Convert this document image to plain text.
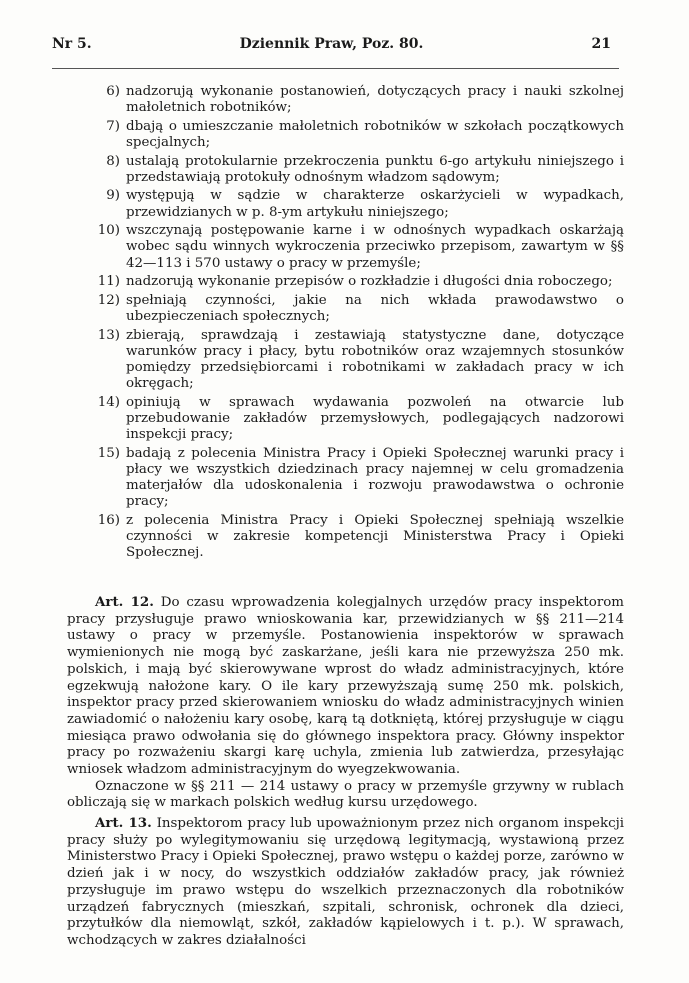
Nr 5.	Dziennik Praw, Poz. 80.	21
6) nadzorują wykonanie postanowień, dotyczących pracy i nauki szkolnej małoletnich robotników;
7) dbają o umieszczanie małoletnich robotników w szkołach początkowych specjalnych;
8) ustalają protokularnie przekroczenia punktu 6-go artykułu niniejszego i przedstawiają protokuły odnośnym władzom sądowym;
9) występują w sądzie w charakterze oskarżycieli w wypadkach, przewidzianych w p. 8-ym artykułu niniejszego;
10) wszczynają postępowanie karne i w odnośnych wypadkach oskarżają wobec sądu winnych wykroczenia przeciwko przepisom, zawartym w §§ 42—113 i 570 ustawy o pracy w przemyśle;
11) nadzorują wykonanie przepisów o rozkładzie i długości dnia roboczego;
12) spełniają czynności, jakie na nich wkłada prawodawstwo o ubezpieczeniach społecznych;
13) zbierają, sprawdzają i zestawiają statystyczne dane, dotyczące warunków pracy i płacy, bytu robotników oraz wzajemnych stosunków pomiędzy przedsiębiorcami i robotnikami w zakładach pracy w ich okręgach;
14) opiniują w sprawach wydawania pozwoleń na otwarcie lub przebudowanie zakładów przemysłowych, podlegających nadzorowi inspekcji pracy;
15) badają z polecenia Ministra Pracy i Opieki Społecznej warunki pracy i płacy we wszystkich dziedzinach pracy najemnej w celu gromadzenia materjałów dla udoskonalenia i rozwoju prawodawstwa o ochronie pracy;
16) z polecenia Ministra Pracy i Opieki Społecznej spełniają wszelkie czynności w zakresie kompetencji Ministerstwa Pracy i Opieki Społecznej.

Art. 12. Do czasu wprowadzenia kolegjalnych urzędów pracy inspektorom pracy przysługuje prawo wnioskowania kar, przewidzianych w §§ 211—214 ustawy o pracy w przemyśle. Postanowienia inspektorów w sprawach wymienionych nie mogą być zaskarżane, jeśli kara nie przewyższa 250 mk. polskich, i mają być skierowywane wprost do władz administracyjnych, które egzekwują nałożone kary. O ile kary przewyższają sumę 250 mk. polskich, inspektor pracy przed skierowaniem wniosku do władz administracyjnych winien zawiadomić o nałożeniu kary osobę, karą tą dotkniętą, której przysługuje w ciągu miesiąca prawo odwołania się do głównego inspektora pracy. Główny inspektor pracy po rozważeniu skargi karę uchyla, zmienia lub zatwierdza, przesyłając wniosek władzom administracyjnym do wyegzekwowania.

Oznaczone w §§ 211 — 214 ustawy o pracy w przemyśle grzywny w rublach obliczają się w markach polskich według kursu urzędowego.

Art. 13. Inspektorom pracy lub upoważnionym przez nich organom inspekcji pracy służy po wylegitymowaniu się urzędową legitymacją, wystawioną przez Ministerstwo Pracy i Opieki Społecznej, prawo wstępu o każdej porze, zarówno w dzień jak i w nocy, do wszystkich oddziałów zakładów pracy, jak również przysługuje im prawo wstępu do wszelkich przeznaczonych dla robotników urządzeń fabrycznych (mieszkań, szpitali, schronisk, ochronek dla dzieci, przytułków dla niemowląt, szkół, zakładów kąpielowych i t. p.). W sprawach, wchodzących w zakres działalności
